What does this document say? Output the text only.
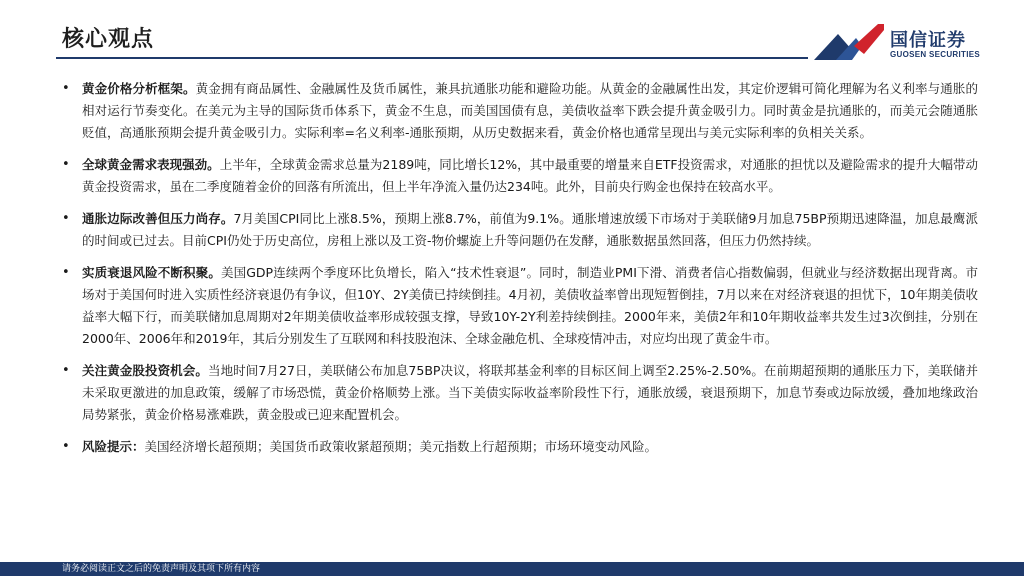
核心观点	国信证券
GUOSEN SECURITIES
• 黄金价格分析框架。黄金拥有商品属性、金融属性及货币属性，兼具抗通胀功能和避险功能。从黄金的金融属性出发，其定价逻辑可简化理解为名义利率与通胀的相对运行节奏变化。在美元为主导的国际货币体系下，黄金不生息，而美国国债有息，美债收益率下跌会提升黄金吸引力。同时黄金是抗通胀的，而美元会随通胀贬值，高通胀预期会提升黄金吸引力。实际利率=名义利率-通胀预期，从历史数据来看，黄金价格也通常呈现出与美元实际利率的负相关关系。

• 全球黄金需求表现强劲。上半年，全球黄金需求总量为2189吨，同比增长12%，其中最重要的增量来自ETF投资需求，对通胀的担忧以及避险需求的提升大幅带动黄金投资需求，虽在二季度随着金价的回落有所流出，但上半年净流入量仍达234吨。此外，目前央行购金也保持在较高水平。

• 通胀边际改善但压力尚存。7月美国CPI同比上涨8.5%，预期上涨8.7%，前值为9.1%。通胀增速放缓下市场对于美联储9月加息75BP预期迅速降温，加息最鹰派的时间或已过去。目前CPI仍处于历史高位，房租上涨以及工资-物价螺旋上升等问题仍在发酵，通胀数据虽然回落，但压力仍然持续。

• 实质衰退风险不断积聚。美国GDP连续两个季度环比负增长，陷入“技术性衰退”。同时，制造业PMI下滑、消费者信心指数偏弱，但就业与经济数据出现背离。市场对于美国何时进入实质性经济衰退仍有争议，但10Y、2Y美债已持续倒挂。4月初，美债收益率曾出现短暂倒挂，7月以来在对经济衰退的担忧下，10年期美债收益率大幅下行，而美联储加息周期对2年期美债收益率形成较强支撑，导致10Y-2Y利差持续倒挂。2000年来，美债2年和10年期收益率共发生过3次倒挂，分别在2000年、2006年和2019年，其后分别发生了互联网和科技股泡沫、全球金融危机、全球疫情冲击，对应均出现了黄金牛市。

• 关注黄金股投资机会。当地时间7月27日，美联储公布加息75BP决议，将联邦基金利率的目标区间上调至2.25%-2.50%。在前期超预期的通胀压力下，美联储并未采取更激进的加息政策，缓解了市场恐慌，黄金价格顺势上涨。当下美债实际收益率阶段性下行，通胀放缓，衰退预期下，加息节奏或边际放缓，叠加地缘政治局势紧张，黄金价格易涨难跌，黄金股或已迎来配置机会。

• 风险提示：美国经济增长超预期；美国货币政策收紧超预期；美元指数上行超预期；市场环境变动风险。

请务必阅读正文之后的免责声明及其项下所有内容
